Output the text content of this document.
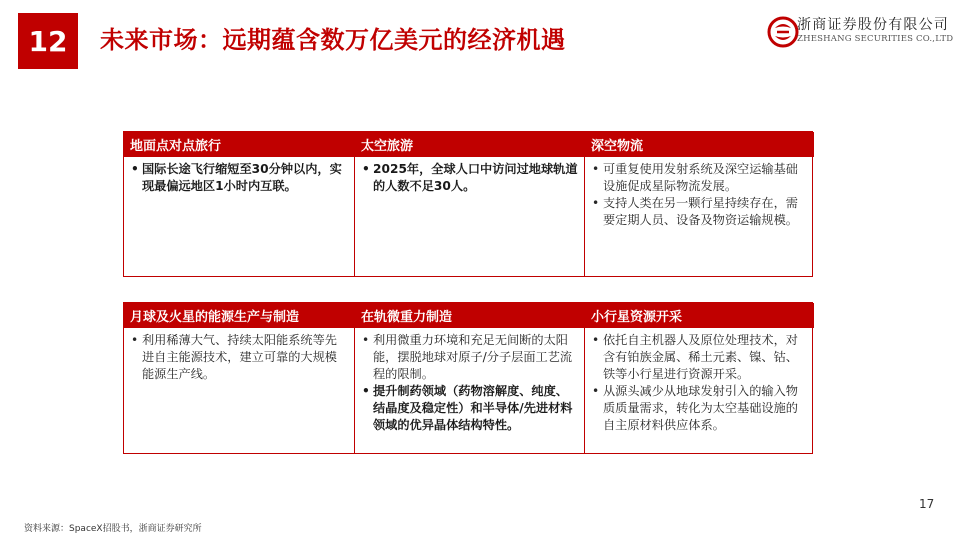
12 未来市场：远期蕴含数万亿美元的经济机遇
浙商证券股份有限公司
ZHESHANG SECURITIES CO.,LTD
地面点对点旅行
• 国际长途飞行缩短至30分钟以内，实现最偏远地区1小时内互联。
太空旅游
• 2025年，全球人口中访问过地球轨道的人数不足30人。
深空物流
• 可重复使用发射系统及深空运输基础设施促成星际物流发展。
• 支持人类在另一颗行星持续存在，需要定期人员、设备及物资运输规模。
月球及火星的能源生产与制造
• 利用稀薄大气、持续太阳能系统等先进自主能源技术，建立可靠的大规模能源生产线。
在轨微重力制造
• 利用微重力环境和充足无间断的太阳能，摆脱地球对原子/分子层面工艺流程的限制。
• 提升制药领域（药物溶解度、纯度、结晶度及稳定性）和半导体/先进材料领域的优异晶体结构特性。
小行星资源开采
• 依托自主机器人及原位处理技术，对含有铂族金属、稀土元素、镍、钴、铁等小行星进行资源开采。
• 从源头减少从地球发射引入的输入物质质量需求，转化为太空基础设施的自主原材料供应体系。
17
资料来源：SpaceX招股书，浙商证券研究所
